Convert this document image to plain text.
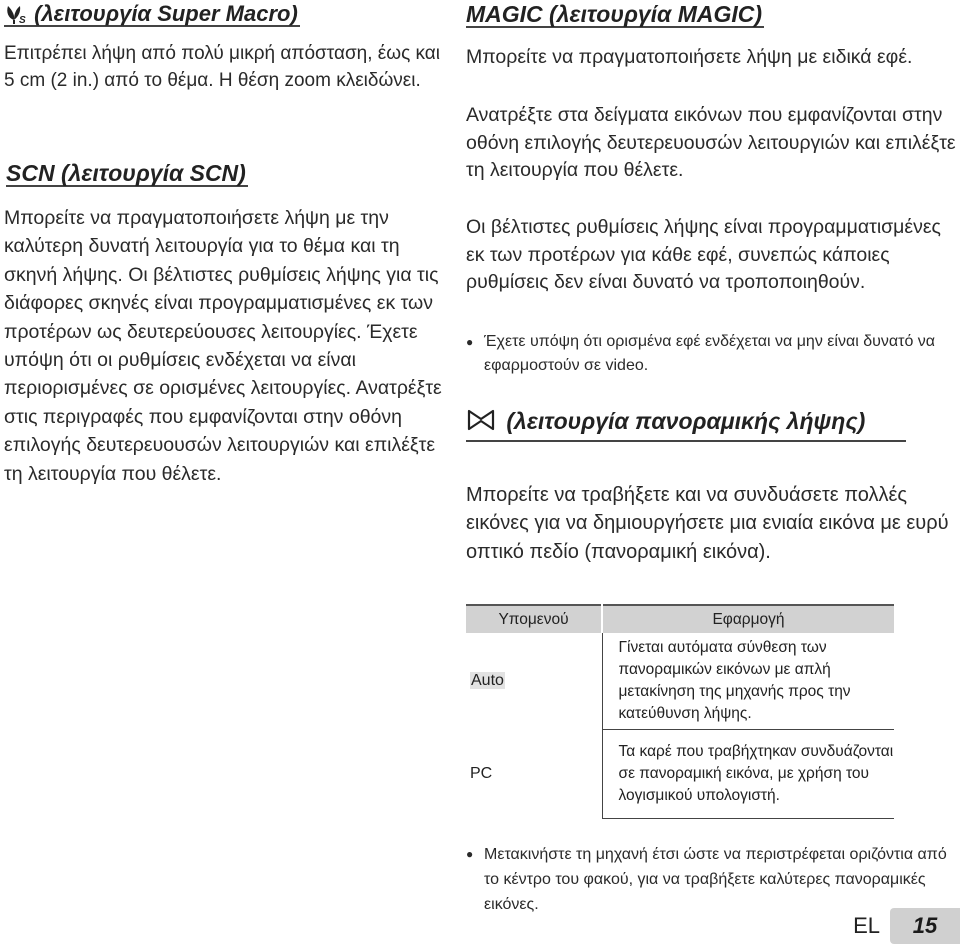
S (λειτουργία Super Macro)

Επιτρέπει λήψη από πολύ μικρή απόσταση, έως και 5 cm (2 in.) από το θέμα. Η θέση zoom κλειδώνει.

SCN (λειτουργία SCN)

Μπορείτε να πραγματοποιήσετε λήψη με την καλύτερη δυνατή λειτουργία για το θέμα και τη σκηνή λήψης. Οι βέλτιστες ρυθμίσεις λήψης για τις διάφορες σκηνές είναι προγραμματισμένες εκ των προτέρων ως δευτερεύουσες λειτουργίες. Έχετε υπόψη ότι οι ρυθμίσεις ενδέχεται να είναι περιορισμένες σε ορισμένες λειτουργίες. Ανατρέξτε στις περιγραφές που εμφανίζονται στην οθόνη επιλογής δευτερευουσών λειτουργιών και επιλέξτε τη λειτουργία που θέλετε.

MAGIC (λειτουργία MAGIC)

Μπορείτε να πραγματοποιήσετε λήψη με ειδικά εφέ.

Ανατρέξτε στα δείγματα εικόνων που εμφανίζονται στην οθόνη επιλογής δευτερευουσών λειτουργιών και επιλέξτε τη λειτουργία που θέλετε.

Οι βέλτιστες ρυθμίσεις λήψης είναι προγραμματισμένες εκ των προτέρων για κάθε εφέ, συνεπώς κάποιες ρυθμίσεις δεν είναι δυνατό να τροποποιηθούν.

● Έχετε υπόψη ότι ορισμένα εφέ ενδέχεται να μην είναι δυνατό να εφαρμοστούν σε video.

(λειτουργία πανοραμικής λήψης)

Μπορείτε να τραβήξετε και να συνδυάσετε πολλές εικόνες για να δημιουργήσετε μια ενιαία εικόνα με ευρύ οπτικό πεδίο (πανοραμική εικόνα).

Υπομενού	Εφαρμογή
Auto	Γίνεται αυτόματα σύνθεση των πανοραμικών εικόνων με απλή μετακίνηση της μηχανής προς την κατεύθυνση λήψης.
PC	Τα καρέ που τραβήχτηκαν συνδυάζονται σε πανοραμική εικόνα, με χρήση του λογισμικού υπολογιστή.

● Μετακινήστε τη μηχανή έτσι ώστε να περιστρέφεται οριζόντια από το κέντρο του φακού, για να τραβήξετε καλύτερες πανοραμικές εικόνες.

EL	15
